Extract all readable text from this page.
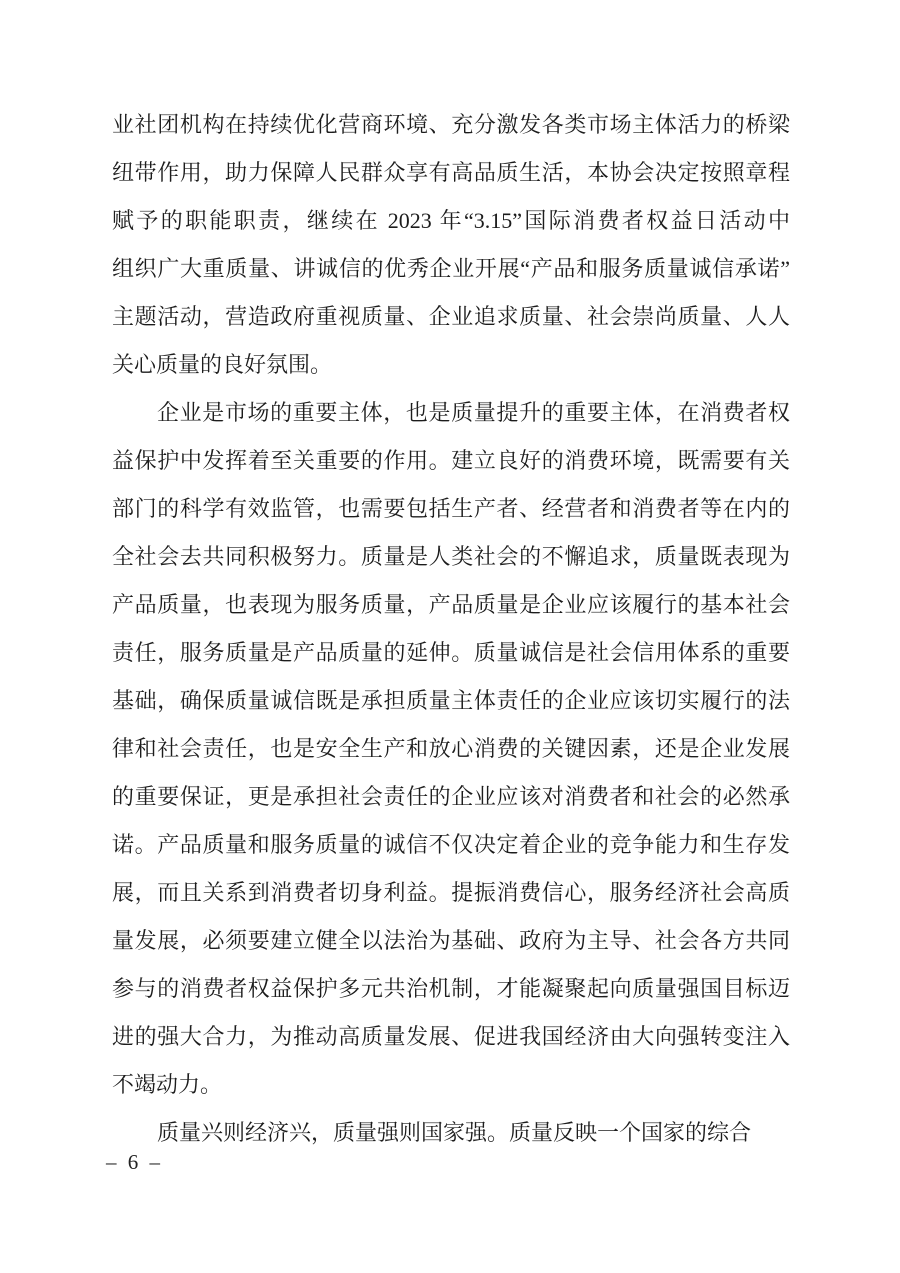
业社团机构在持续优化营商环境、充分激发各类市场主体活力的桥梁
纽带作用，助力保障人民群众享有高品质生活，本协会决定按照章程
赋予的职能职责，继续在 2023 年“3.15”国际消费者权益日活动中
组织广大重质量、讲诚信的优秀企业开展“产品和服务质量诚信承诺”
主题活动，营造政府重视质量、企业追求质量、社会崇尚质量、人人
关心质量的良好氛围。
企业是市场的重要主体，也是质量提升的重要主体，在消费者权
益保护中发挥着至关重要的作用。建立良好的消费环境，既需要有关
部门的科学有效监管，也需要包括生产者、经营者和消费者等在内的
全社会去共同积极努力。质量是人类社会的不懈追求，质量既表现为
产品质量，也表现为服务质量，产品质量是企业应该履行的基本社会
责任，服务质量是产品质量的延伸。质量诚信是社会信用体系的重要
基础，确保质量诚信既是承担质量主体责任的企业应该切实履行的法
律和社会责任，也是安全生产和放心消费的关键因素，还是企业发展
的重要保证，更是承担社会责任的企业应该对消费者和社会的必然承
诺。产品质量和服务质量的诚信不仅决定着企业的竞争能力和生存发
展，而且关系到消费者切身利益。提振消费信心，服务经济社会高质
量发展，必须要建立健全以法治为基础、政府为主导、社会各方共同
参与的消费者权益保护多元共治机制，才能凝聚起向质量强国目标迈
进的强大合力，为推动高质量发展、促进我国经济由大向强转变注入
不竭动力。
质量兴则经济兴，质量强则国家强。质量反映一个国家的综合
– 6 –
